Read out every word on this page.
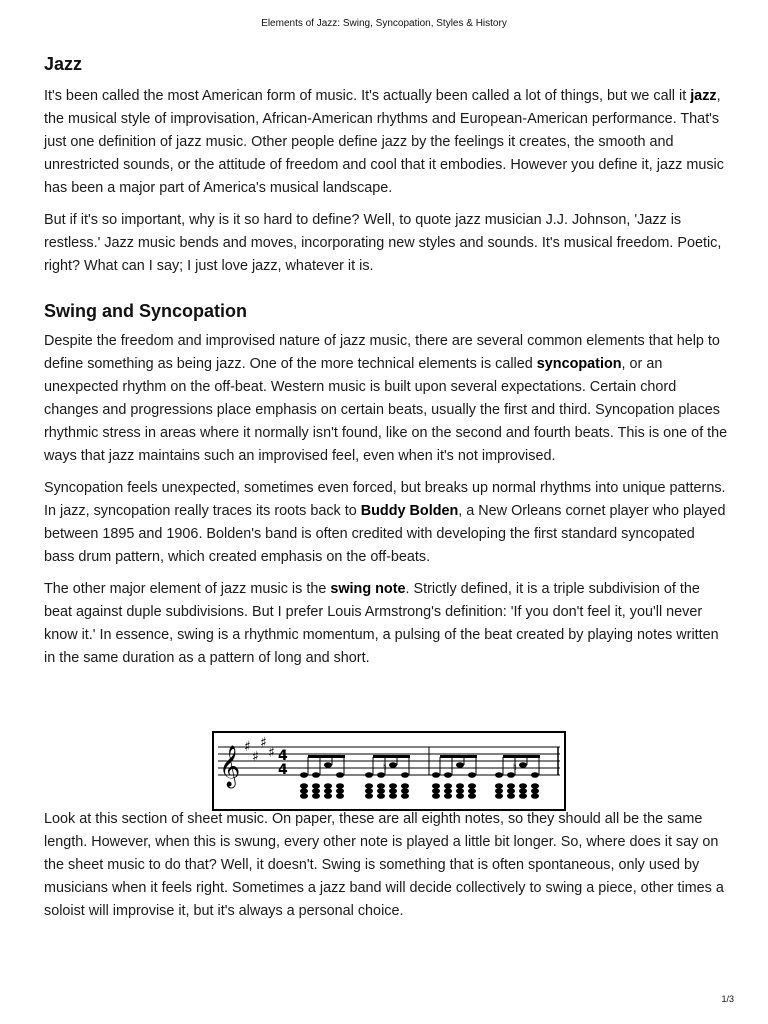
Elements of Jazz: Swing, Syncopation, Styles & History
Jazz

It's been called the most American form of music. It's actually been called a lot of things, but we call it jazz, the musical style of improvisation, African-American rhythms and European-American performance. That's just one definition of jazz music. Other people define jazz by the feelings it creates, the smooth and unrestricted sounds, or the attitude of freedom and cool that it embodies. However you define it, jazz music has been a major part of America's musical landscape.

But if it's so important, why is it so hard to define? Well, to quote jazz musician J.J. Johnson, 'Jazz is restless.' Jazz music bends and moves, incorporating new styles and sounds. It's musical freedom. Poetic, right? What can I say; I just love jazz, whatever it is.

Swing and Syncopation

Despite the freedom and improvised nature of jazz music, there are several common elements that help to define something as being jazz. One of the more technical elements is called syncopation, or an unexpected rhythm on the off-beat. Western music is built upon several expectations. Certain chord changes and progressions place emphasis on certain beats, usually the first and third. Syncopation places rhythmic stress in areas where it normally isn't found, like on the second and fourth beats. This is one of the ways that jazz maintains such an improvised feel, even when it's not improvised.

Syncopation feels unexpected, sometimes even forced, but breaks up normal rhythms into unique patterns. In jazz, syncopation really traces its roots back to Buddy Bolden, a New Orleans cornet player who played between 1895 and 1906. Bolden's band is often credited with developing the first standard syncopated bass drum pattern, which created emphasis on the off-beats.

The other major element of jazz music is the swing note. Strictly defined, it is a triple subdivision of the beat against duple subdivisions. But I prefer Louis Armstrong's definition: 'If you don't feel it, you'll never know it.' In essence, swing is a rhythmic momentum, a pulsing of the beat created by playing notes written in the same duration as a pattern of long and short.

Look at this section of sheet music. On paper, these are all eighth notes, so they should all be the same length. However, when this is swung, every other note is played a little bit longer. So, where does it say on the sheet music to do that? Well, it doesn't. Swing is something that is often spontaneous, only used by musicians when it feels right. Sometimes a jazz band will decide collectively to swing a piece, other times a soloist will improvise it, but it's always a personal choice.

𝄞 ♯
♯
♯
♯ 4
4	♮	♮
1/3
